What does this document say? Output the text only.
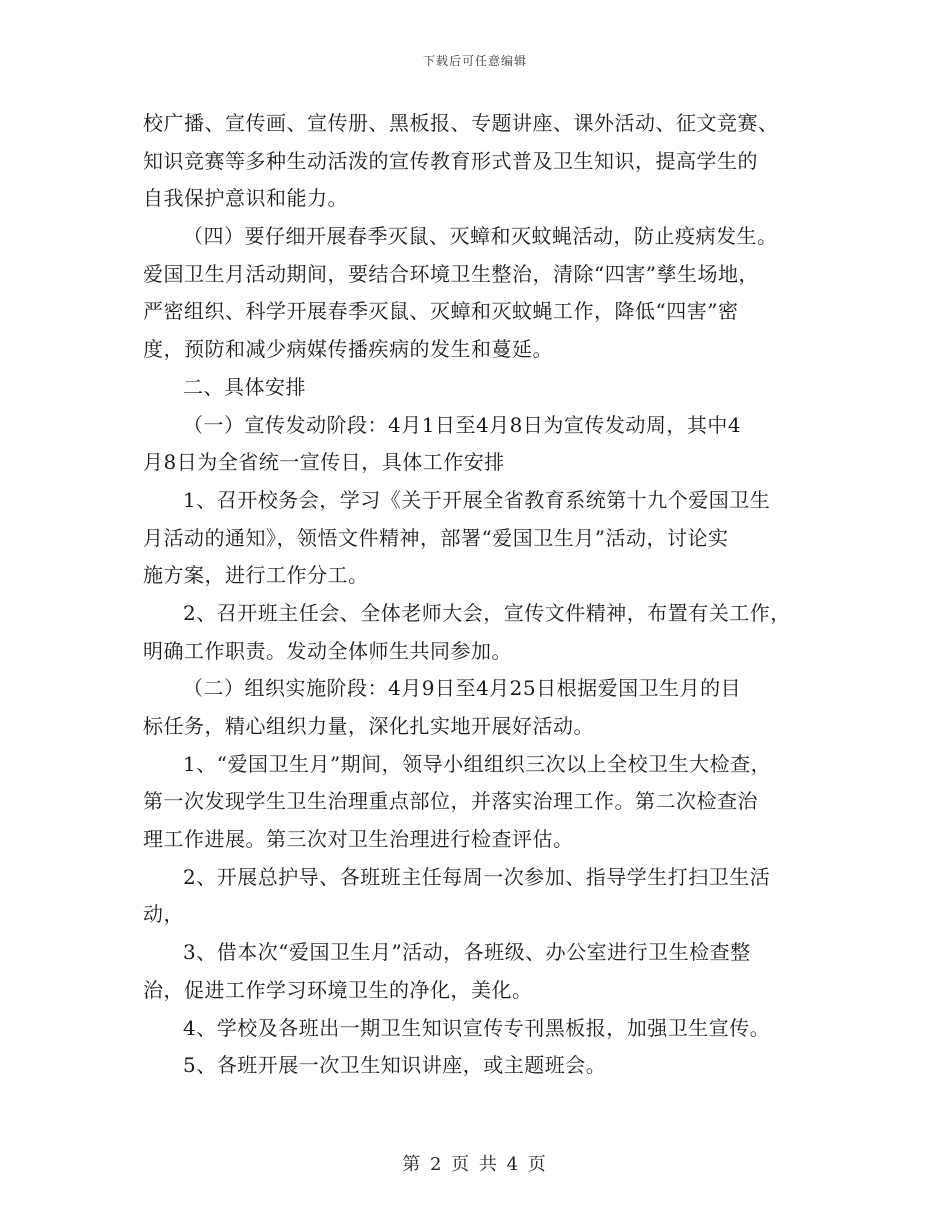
下载后可任意编辑
校广播、宣传画、宣传册、黑板报、专题讲座、课外活动、征文竞赛、
知识竞赛等多种生动活泼的宣传教育形式普及卫生知识，提高学生的
自我保护意识和能力。
（四）要仔细开展春季灭鼠、灭蟑和灭蚊蝇活动，防止疫病发生。
爱国卫生月活动期间，要结合环境卫生整治，清除“四害”孳生场地，
严密组织、科学开展春季灭鼠、灭蟑和灭蚊蝇工作，降低“四害”密
度，预防和减少病媒传播疾病的发生和蔓延。
二、具体安排
（一）宣传发动阶段：4月1日至4月8日为宣传发动周，其中4
月8日为全省统一宣传日，具体工作安排
1、召开校务会，学习《关于开展全省教育系统第十九个爱国卫生
月活动的通知》，领悟文件精神，部署“爱国卫生月”活动，讨论实
施方案，进行工作分工。
2、召开班主任会、全体老师大会，宣传文件精神，布置有关工作，
明确工作职责。发动全体师生共同参加。
（二）组织实施阶段：4月9日至4月25日根据爱国卫生月的目
标任务，精心组织力量，深化扎实地开展好活动。
1、“爱国卫生月”期间，领导小组组织三次以上全校卫生大检查，
第一次发现学生卫生治理重点部位，并落实治理工作。第二次检查治
理工作进展。第三次对卫生治理进行检查评估。
2、开展总护导、各班班主任每周一次参加、指导学生打扫卫生活
动，
3、借本次“爱国卫生月”活动，各班级、办公室进行卫生检查整
治，促进工作学习环境卫生的净化，美化。
4、学校及各班出一期卫生知识宣传专刊黑板报，加强卫生宣传。
5、各班开展一次卫生知识讲座，或主题班会。
第 2 页 共 4 页
